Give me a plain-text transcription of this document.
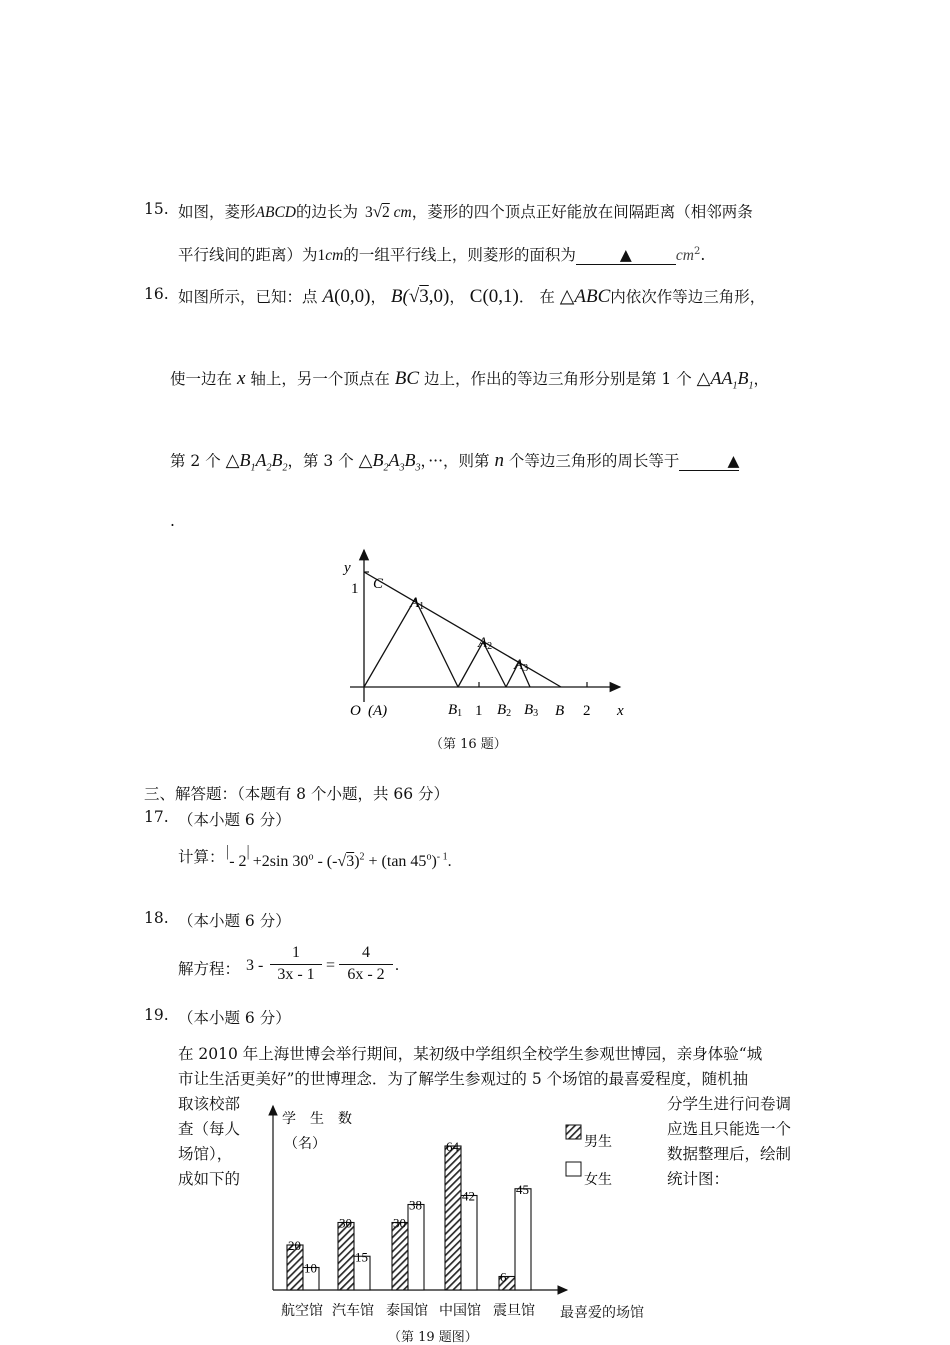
15. 如图，菱形ABCD的边长为 3√2 cm，菱形的四个顶点正好能放在间隔距离（相邻两条
平行线间的距离）为1cm的一组平行线上，则菱形的面积为	▲	$cm^2$.
16. 如图所示，已知：点 A(0,0)， B(√3,0)， C(0,1)． 在 △ABC内依次作等边三角形，
使一边在 x 轴上，另一个顶点在 BC 边上，作出的等边三角形分别是第 1 个 $\triangle AA_1B_1$，
第 2 个 $\triangle B_1A_2B_2$，第 3 个 $\triangle B_2A_3B_3$，···，则第 n 个等边三角形的周长等于	▲
.
y
1 C
A1
A2
A3
O (A)	B1 1 B2 B3 B 2 x
（第 16 题）
三、解答题：（本题有 8 个小题，共 66 分）
17. （本小题 6 分）
计算： |- 2|+2sin $30^o - (-√3)^2 + (\tan$ 45$^o$)$^{- 1}$.
18. （本小题 6 分）
解方程： 3 -
1
3x - 1
=
4
6x - 2
.
19. （本小题 6 分）
在 2010 年上海世博会举行期间，某初级中学组织全校学生参观世博园，亲身体验“城
市让生活更美好”的世博理念．为了解学生参观过的 5 个场馆的最喜爱程度，随机抽
取该校部
查（每人
场馆），
成如下的
分学生进行问卷调
应选且只能选一个
数据整理后，绘制
统计图：
学　生　数
（名）	男生
女生
20
10
航空馆
30
15
汽车馆
30
38
泰国馆
64
42
中国馆
6
45
震旦馆 最喜爱的场馆
（第 19 题图）
